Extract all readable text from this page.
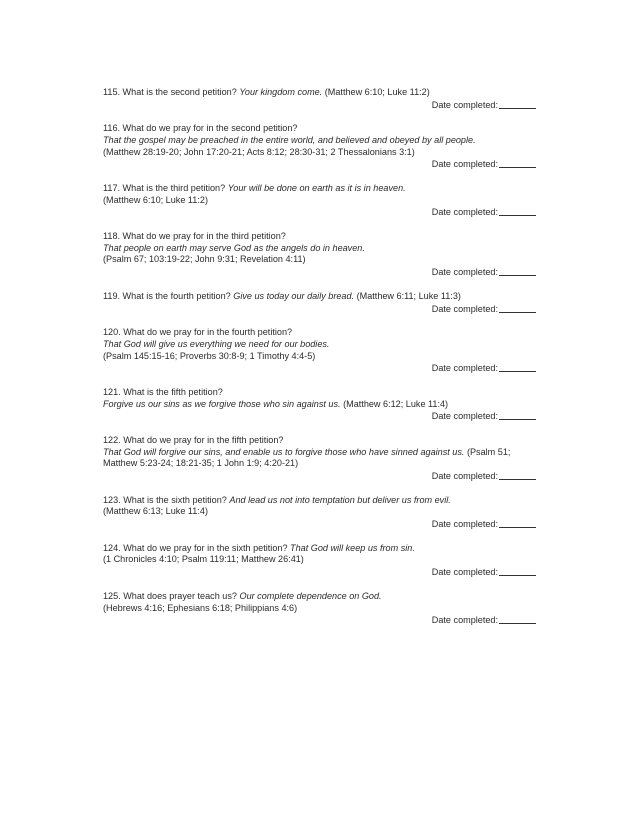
115. What is the second petition? Your kingdom come. (Matthew 6:10; Luke 11:2)
Date completed:
116. What do we pray for in the second petition?
That the gospel may be preached in the entire world, and believed and obeyed by all people.
(Matthew 28:19-20; John 17:20-21; Acts 8:12; 28:30-31; 2 Thessalonians 3:1)
Date completed:
117. What is the third petition? Your will be done on earth as it is in heaven.
(Matthew 6:10; Luke 11:2)
Date completed:
118. What do we pray for in the third petition?
That people on earth may serve God as the angels do in heaven.
(Psalm 67; 103:19-22; John 9:31; Revelation 4:11)
Date completed:
119. What is the fourth petition? Give us today our daily bread. (Matthew 6:11; Luke 11:3)
Date completed:
120. What do we pray for in the fourth petition?
That God will give us everything we need for our bodies.
(Psalm 145:15-16; Proverbs 30:8-9; 1 Timothy 4:4-5)
Date completed:
121. What is the fifth petition?
Forgive us our sins as we forgive those who sin against us. (Matthew 6:12; Luke 11:4)
Date completed:
122. What do we pray for in the fifth petition?
That God will forgive our sins, and enable us to forgive those who have sinned against us. (Psalm 51; Matthew 5:23-24; 18:21-35; 1 John 1:9; 4:20-21)
Date completed:
123. What is the sixth petition? And lead us not into temptation but deliver us from evil.
(Matthew 6:13; Luke 11:4)
Date completed:
124. What do we pray for in the sixth petition? That God will keep us from sin.
(1 Chronicles 4:10; Psalm 119:11; Matthew 26:41)
Date completed:
125. What does prayer teach us? Our complete dependence on God.
(Hebrews 4:16; Ephesians 6:18; Philippians 4:6)
Date completed:
